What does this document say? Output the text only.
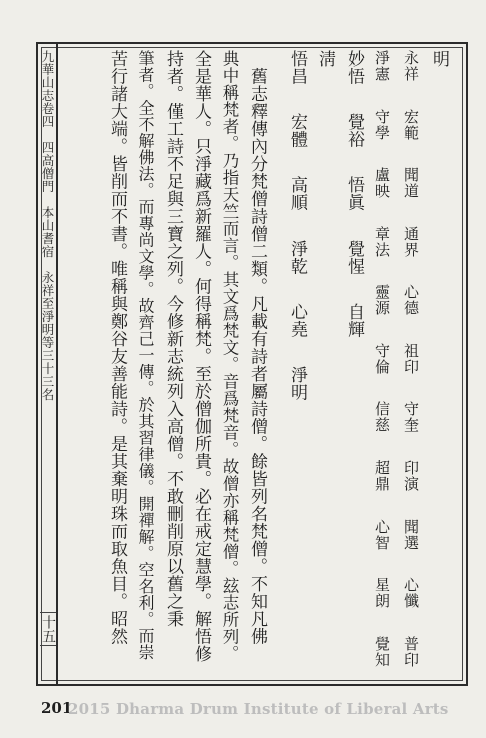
九華山志卷四　四高僧門　本山耆宿　永祥至淨明等三十三名
十五
明
永祥 宏範 聞道 通界 心德 祖印 守奎 印演 聞選 心懺 普印
淨憲 守學 盧映 章法 靈源 守倫 信慈 超鼎 心智 星朗 覺知
妙悟 覺裕 悟眞 覺惺 自輝
淸
悟昌 宏體 高順 淨乾 心堯 淨明
　舊志釋傳內分梵僧詩僧二類。凡載有詩者屬詩僧。餘皆列名梵僧。不知凡佛
典中稱梵者。乃指天竺而言。其文爲梵文。音爲梵音。故僧亦稱梵僧。玆志所列。
全是華人。只淨藏爲新羅人。何得稱梵。至於僧伽所貴。必在戒定慧學。解悟修
持者。僅工詩不足與三寶之列。今修新志統列入高僧。不敢刪削原以舊之秉
筆者。全不解佛法。而專尚文學。故齊己一傳。於其習律儀。開禪解。空名利。而崇
苦行諸大端。皆削而不書。唯稱與鄭谷友善能詩。是其棄明珠而取魚目。昭然
201
2015 Dharma Drum Institute of Liberal Arts
